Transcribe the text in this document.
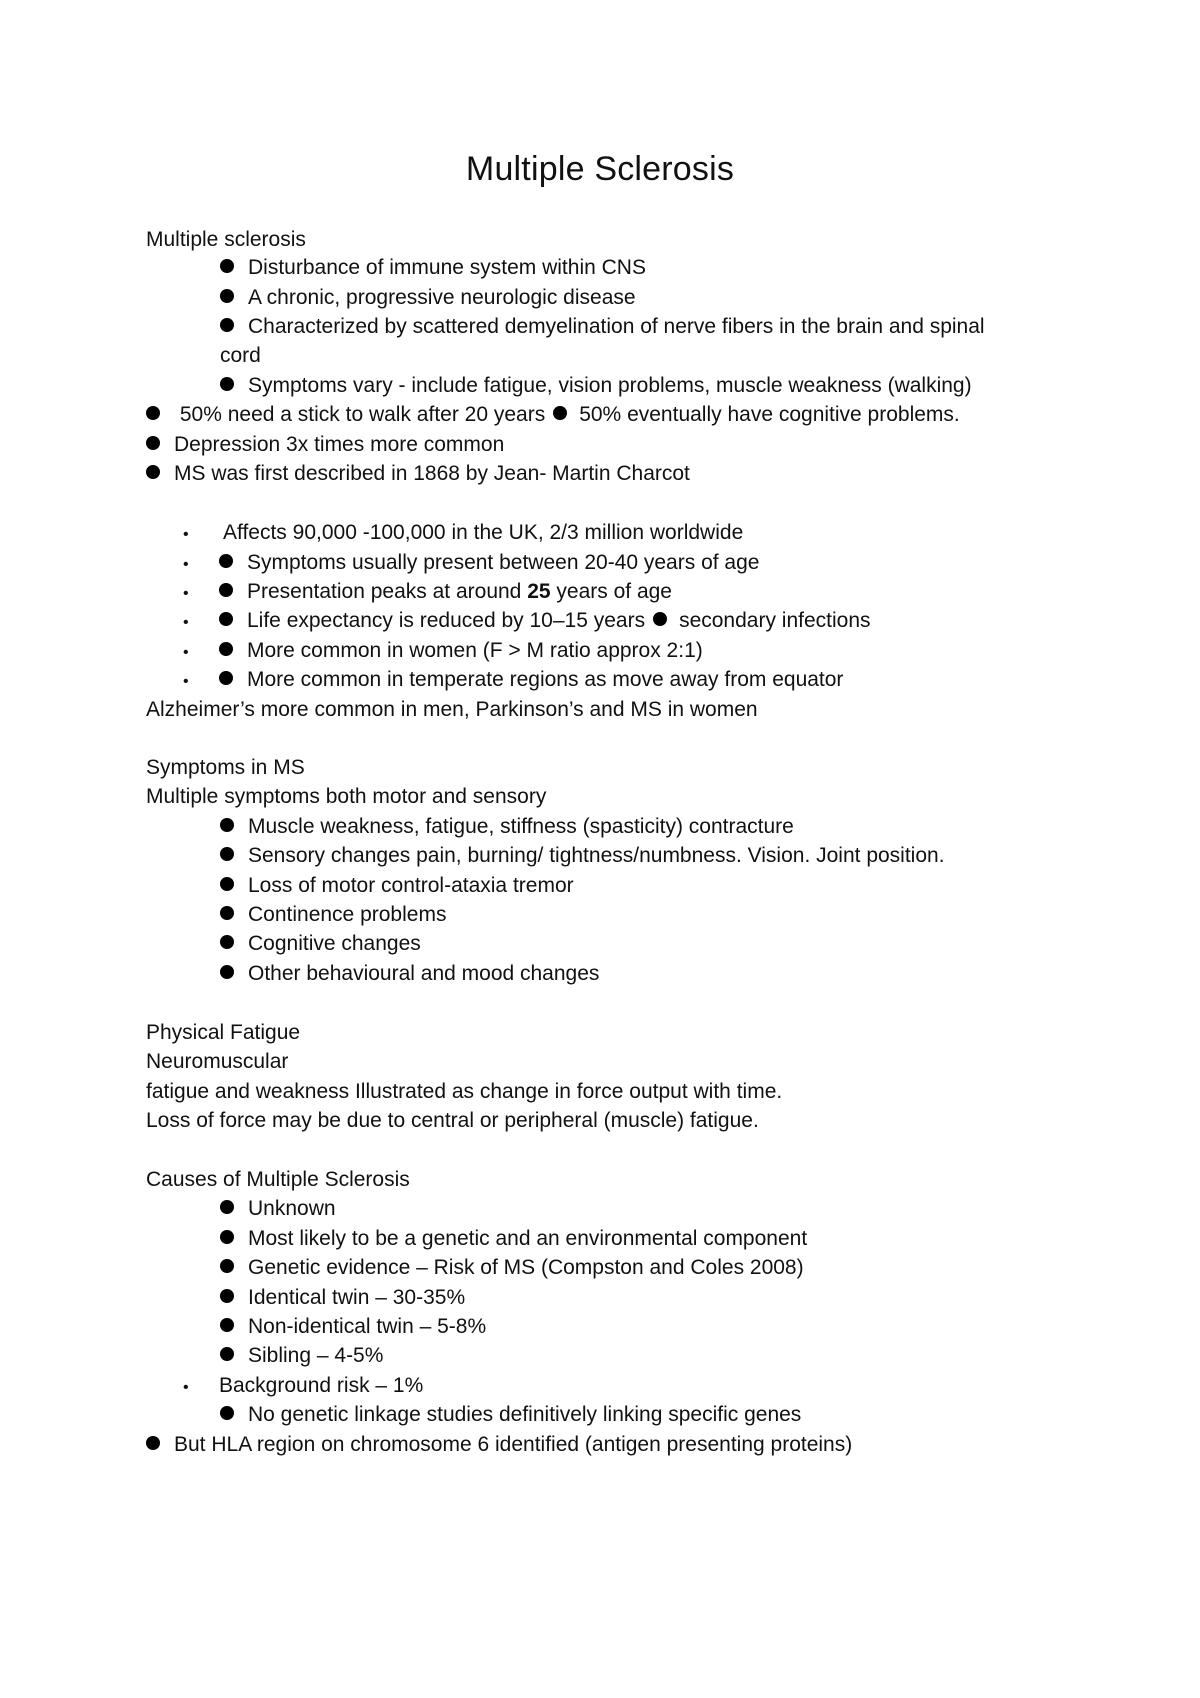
Multiple Sclerosis
Multiple sclerosis
Disturbance of immune system within CNS
A chronic, progressive neurologic disease
Characterized by scattered demyelination of nerve fibers in the brain and spinal
cord
Symptoms vary - include fatigue, vision problems, muscle weakness (walking)
50% need a stick to walk after 20 years 50% eventually have cognitive problems.
Depression 3x times more common
MS was first described in 1868 by Jean- Martin Charcot
• Affects 90,000 -100,000 in the UK, 2/3 million worldwide
• Symptoms usually present between 20-40 years of age
• Presentation peaks at around 25 years of age
• Life expectancy is reduced by 10–15 years secondary infections
• More common in women (F > M ratio approx 2:1)
• More common in temperate regions as move away from equator
Alzheimer’s more common in men, Parkinson’s and MS in women
Symptoms in MS
Multiple symptoms both motor and sensory
Muscle weakness, fatigue, stiffness (spasticity) contracture
Sensory changes pain, burning/ tightness/numbness. Vision. Joint position.
Loss of motor control-ataxia tremor
Continence problems
Cognitive changes
Other behavioural and mood changes
Physical Fatigue
Neuromuscular
fatigue and weakness Illustrated as change in force output with time.
Loss of force may be due to central or peripheral (muscle) fatigue.
Causes of Multiple Sclerosis
Unknown
Most likely to be a genetic and an environmental component
Genetic evidence – Risk of MS (Compston and Coles 2008)
Identical twin – 30-35%
Non-identical twin – 5-8%
Sibling – 4-5%
• Background risk – 1%
No genetic linkage studies definitively linking specific genes
But HLA region on chromosome 6 identified (antigen presenting proteins)
